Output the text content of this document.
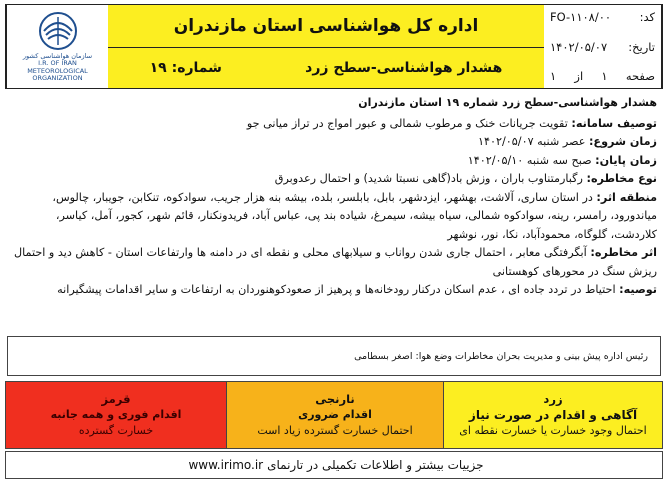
سازمان هواشناسی کشور
I.R. OF IRAN
METEOROLOGICAL
ORGANIZATION
اداره کل هواشناسی استان مازندران
هشدار هواشناسی-سطح زرد
شماره: ۱۹
کد:
FO-۱۱۰۸/۰۰
تاریخ:
۱۴۰۲/۰۵/۰۷
صفحه
۱
از
۱
هشدار هواشناسی-سطح زرد شماره ۱۹ استان مازندران

توصیف سامانه: تقویت جریانات خنک و مرطوب شمالی و عبور امواج در تراز میانی جو

زمان شروع: عصر شنبه ۱۴۰۲/۰۵/۰۷

زمان پایان: صبح سه شنبه ۱۴۰۲/۰۵/۱۰

نوع مخاطره: رگبارمتناوب باران ، وزش باد(گاهی نسبتا شدید) و احتمال رعدوبرق

منطقه اثر: در استان ساری، آلاشت، بهشهر، ایزدشهر، بابل، بابلسر، بلده، بیشه بنه هزار جریب، سوادکوه، تنکابن، جویبار، چالوس، میاندورود، رامسر، رینه، سوادکوه شمالی، سیاه بیشه، سیمرغ، شیاده بند پی، عباس آباد، فریدونکنار، قائم شهر، کجور، آمل، کیاسر، کلاردشت، گلوگاه، محمودآباد، نکا، نور، نوشهر

اثر مخاطره: آبگرفتگی معابر ، احتمال جاری شدن رواناب و سیلابهای محلی و نقطه ای در دامنه ها وارتفاعات استان - کاهش دید و احتمال ریزش سنگ در محورهای کوهستانی

توصیه: احتیاط در تردد جاده ای ، عدم اسکان درکنار رودخانه‌ها و پرهیز از صعودکوهنوردان به ارتفاعات و سایر اقدامات پیشگیرانه

رئیس اداره پیش بینی و مدیریت بحران مخاطرات وضع هوا: اصغر بسطامی
زرد
آگاهی و اقدام در صورت نیاز
احتمال وجود خسارت یا خسارت نقطه ای
نارنجی
اقدام ضروری
احتمال خسارت گسترده زیاد است
قرمز
اقدام فوری و همه جانبه
خسارت گسترده
جزییات بیشتر و اطلاعات تکمیلی در تارنمای
www.irimo.ir
